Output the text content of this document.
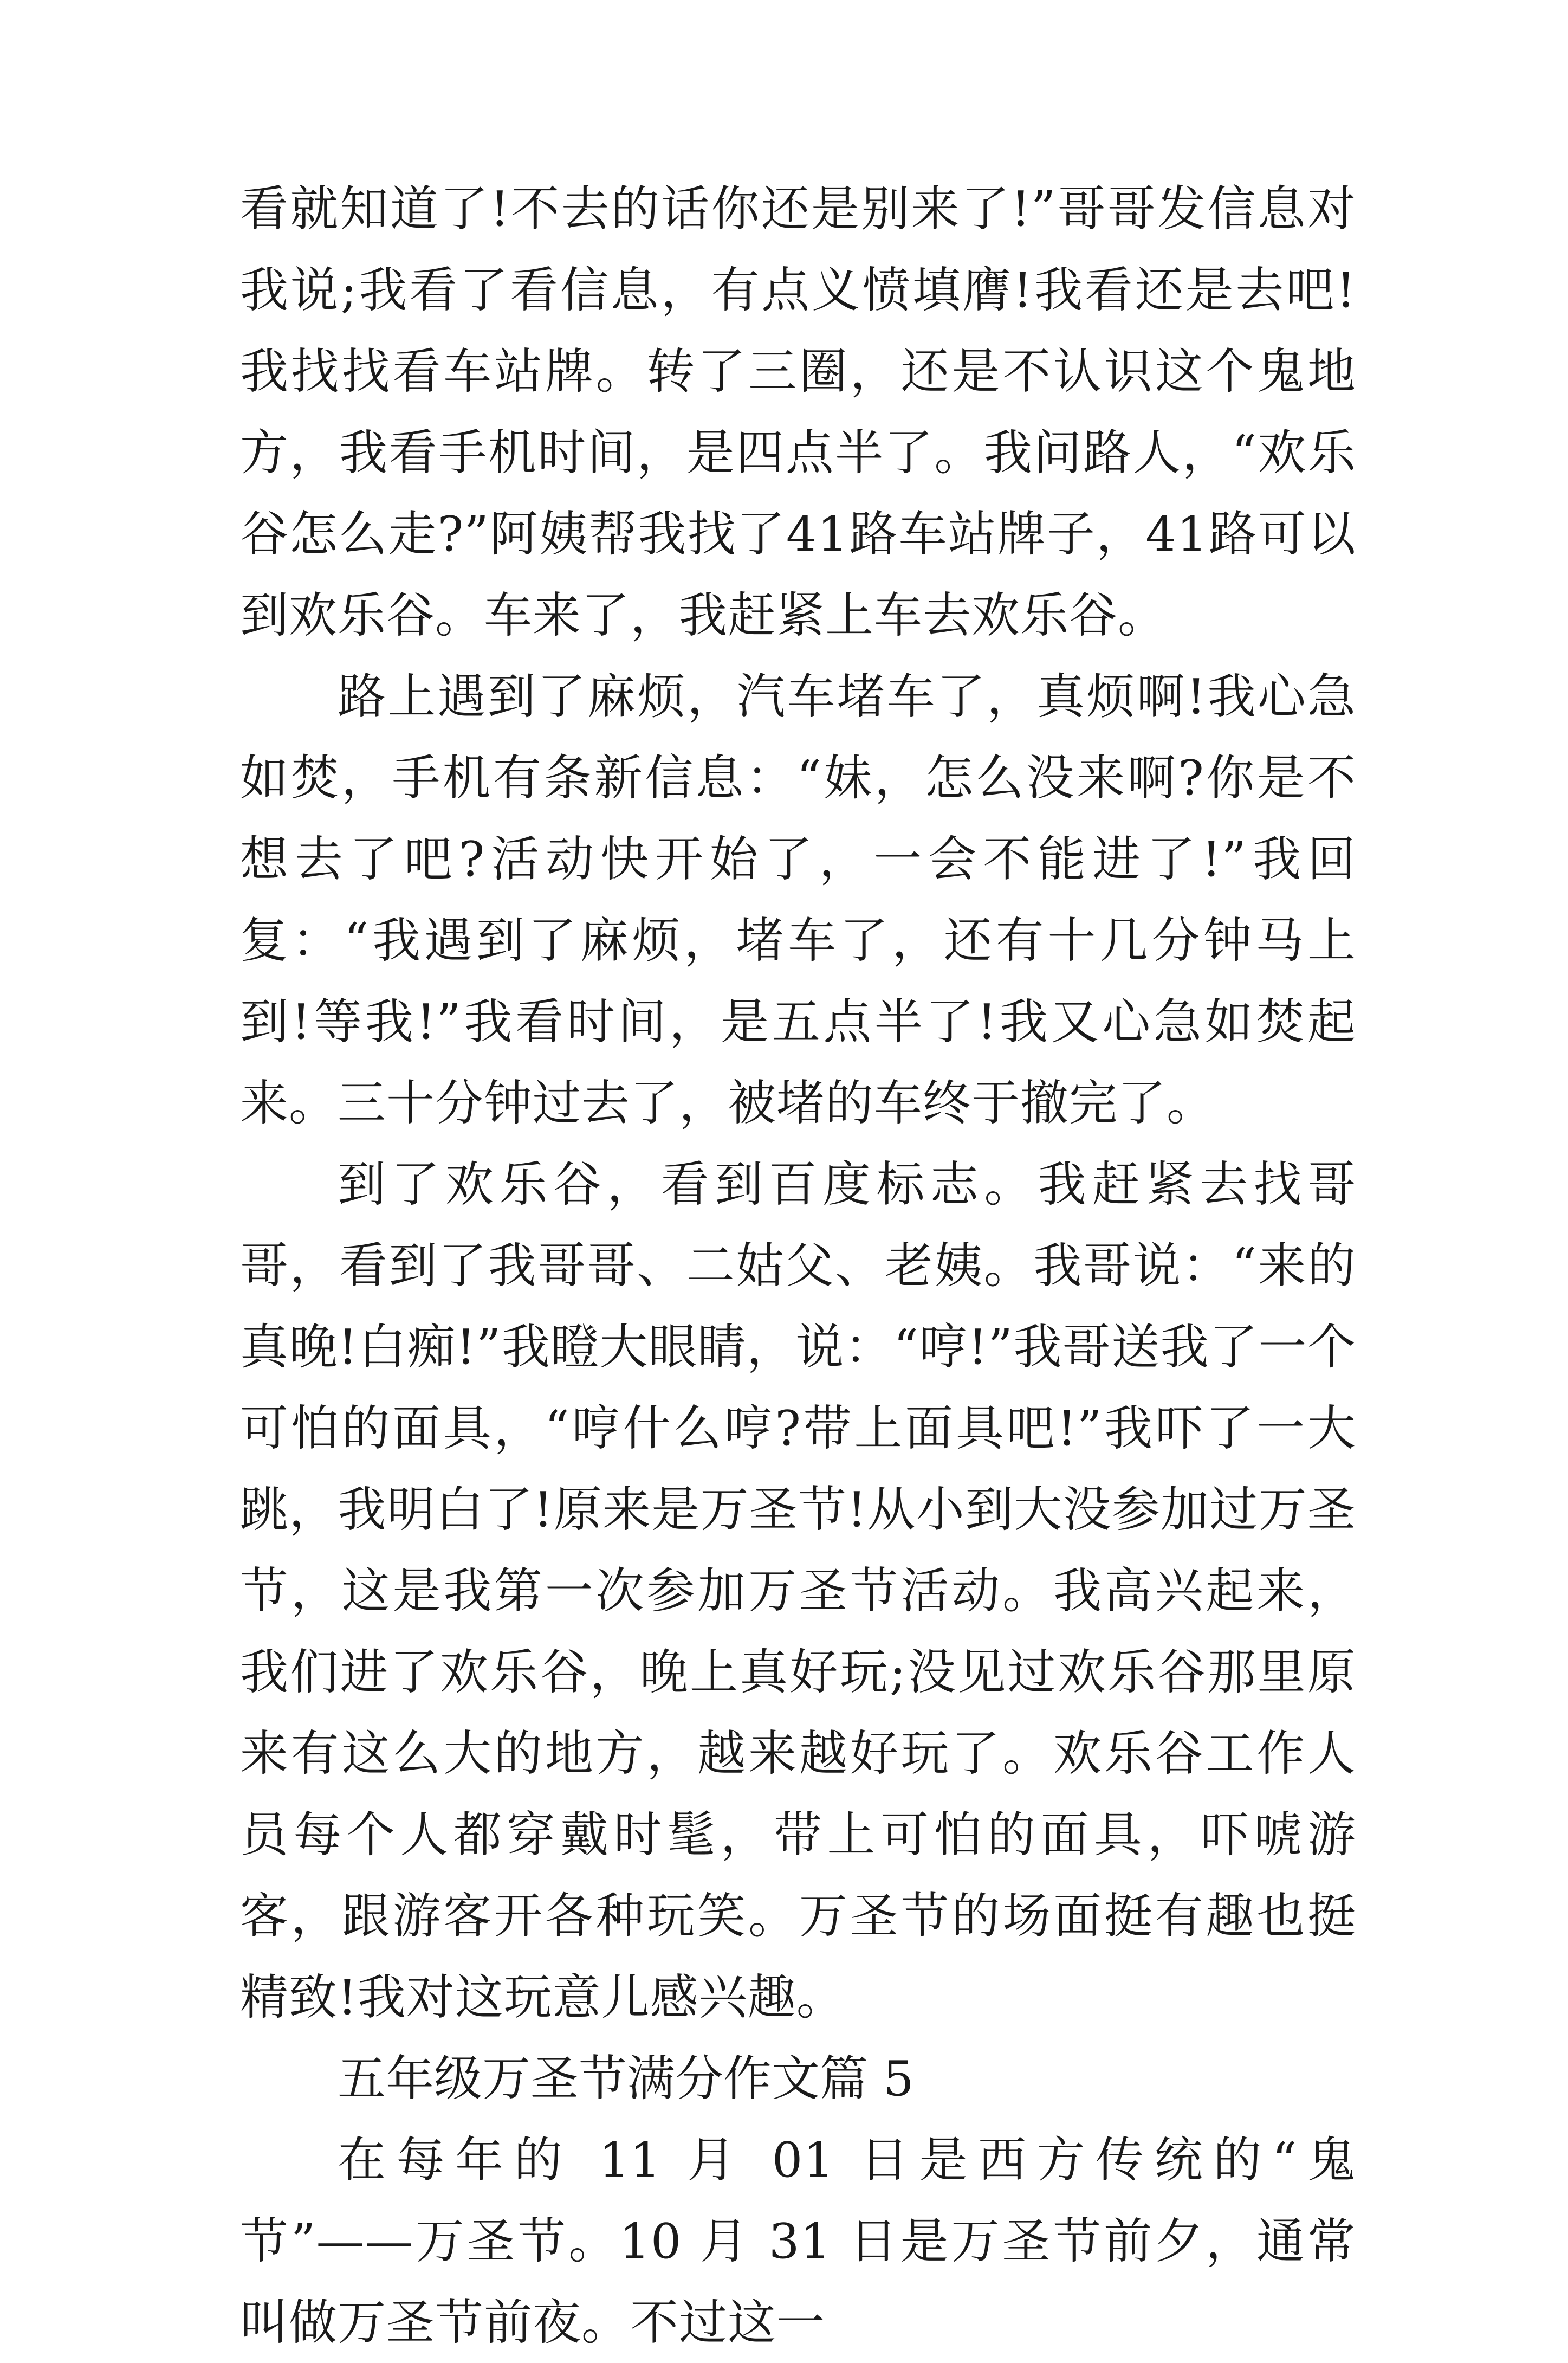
看就知道了!不去的话你还是别来了!”哥哥发信息对我说;我看了看信息，有点义愤填膺!我看还是去吧!我找找看车站牌。转了三圈，还是不认识这个鬼地方，我看手机时间，是四点半了。我问路人，“欢乐谷怎么走?”阿姨帮我找了41路车站牌子，41路可以到欢乐谷。车来了，我赶紧上车去欢乐谷。

路上遇到了麻烦，汽车堵车了，真烦啊!我心急如焚，手机有条新信息：“妹，怎么没来啊?你是不想去了吧?活动快开始了，一会不能进了!”我回复：“我遇到了麻烦，堵车了，还有十几分钟马上到!等我!”我看时间，是五点半了!我又心急如焚起来。三十分钟过去了，被堵的车终于撤完了。

到了欢乐谷，看到百度标志。我赶紧去找哥哥，看到了我哥哥、二姑父、老姨。我哥说：“来的真晚!白痴!”我瞪大眼睛，说：“哼!”我哥送我了一个可怕的面具，“哼什么哼?带上面具吧!”我吓了一大跳，我明白了!原来是万圣节!从小到大没参加过万圣节，这是我第一次参加万圣节活动。我高兴起来，我们进了欢乐谷，晚上真好玩;没见过欢乐谷那里原来有这么大的地方，越来越好玩了。欢乐谷工作人员每个人都穿戴时髦，带上可怕的面具，吓唬游客，跟游客开各种玩笑。万圣节的场面挺有趣也挺精致!我对这玩意儿感兴趣。

五年级万圣节满分作文篇 5

在每年的 11 月 01 日是西方传统的“鬼节”——万圣节。10 月 31 日是万圣节前夕，通常叫做万圣节前夜。不过这一
